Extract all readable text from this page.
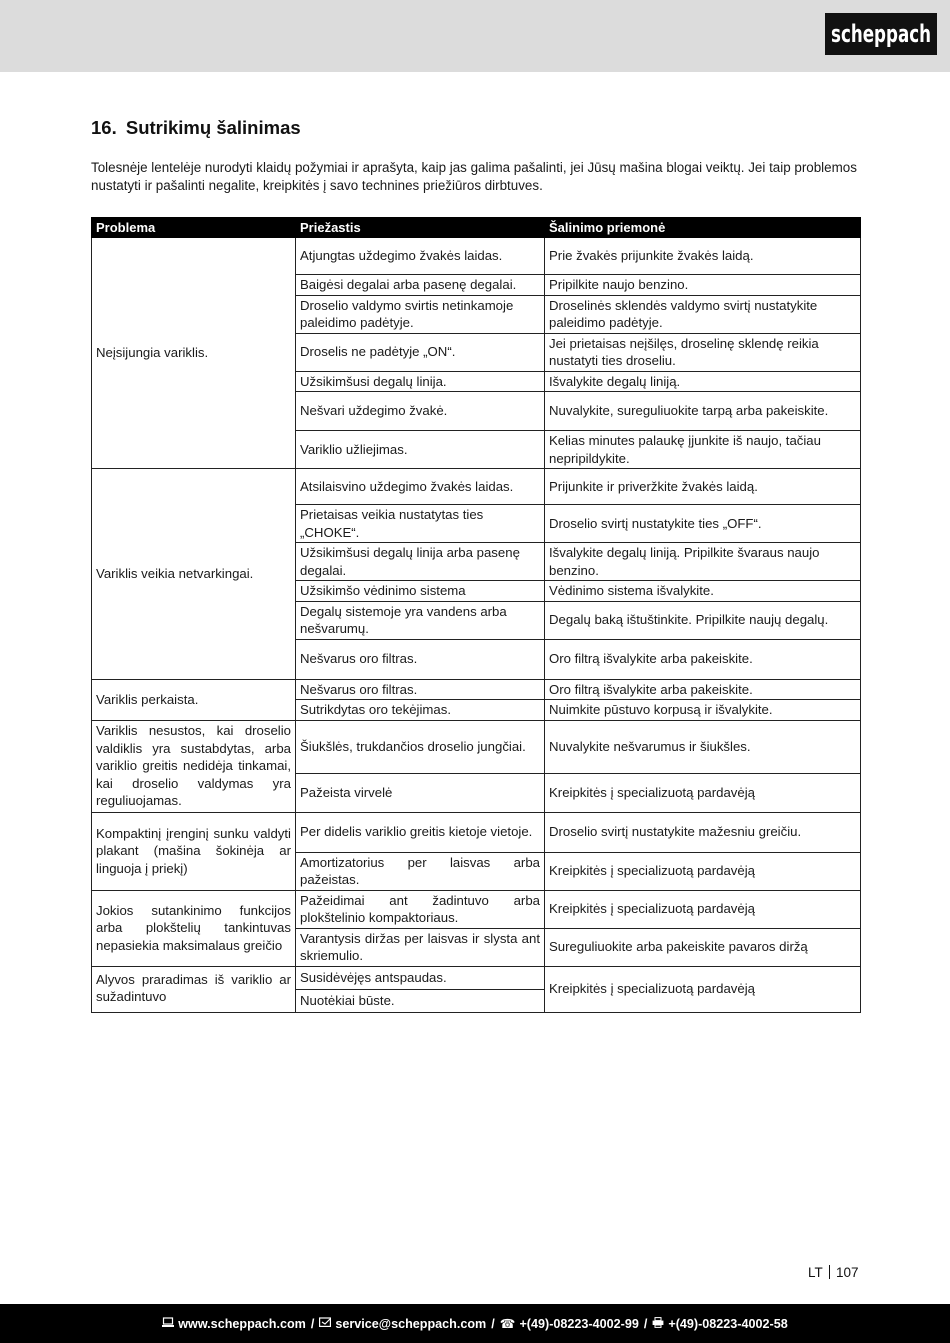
scheppach
16. Sutrikimų šalinimas

Tolesnėje lentelėje nurodyti klaidų požymiai ir aprašyta, kaip jas galima pašalinti, jei Jūsų mašina blogai veiktų. Jei taip problemos nustatyti ir pašalinti negalite, kreipkitės į savo technines priežiūros dirbtuves.

Problema	Priežastis	Šalinimo priemonė
Neįsijungia variklis.	Atjungtas uždegimo žvakės laidas.	Prie žvakės prijunkite žvakės laidą.
	Baigėsi degalai arba pasenę degalai.	Pripilkite naujo benzino.
	Droselio valdymo svirtis netinkamoje paleidimo padėtyje.	Droselinės sklendės valdymo svirtį nustatykite paleidimo padėtyje.
	Droselis ne padėtyje „ON“.	Jei prietaisas neįšilęs, droselinę sklendę reikia nustatyti ties droseliu.
	Užsikimšusi degalų linija.	Išvalykite degalų liniją.
	Nešvari uždegimo žvakė.	Nuvalykite, sureguliuokite tarpą arba pakeiskite.
	Variklio užliejimas.	Kelias minutes palaukę įjunkite iš naujo, tačiau nepripildykite.
Variklis veikia netvarkingai.	Atsilaisvino uždegimo žvakės laidas.	Prijunkite ir priveržkite žvakės laidą.
	Prietaisas veikia nustatytas ties „CHOKE“.	Droselio svirtį nustatykite ties „OFF“.
	Užsikimšusi degalų linija arba pasenę degalai.	Išvalykite degalų liniją. Pripilkite švaraus naujo benzino.
	Užsikimšo vėdinimo sistema	Vėdinimo sistema išvalykite.
	Degalų sistemoje yra vandens arba nešvarumų.	Degalų baką ištuštinkite. Pripilkite naujų degalų.
	Nešvarus oro filtras.	Oro filtrą išvalykite arba pakeiskite.
Variklis perkaista.	Nešvarus oro filtras.	Oro filtrą išvalykite arba pakeiskite.
	Sutrikdytas oro tekėjimas.	Nuimkite pūstuvo korpusą ir išvalykite.
Variklis nesustos, kai droselio valdiklis yra sustabdytas, arba variklio greitis nedidėja tinkamai, kai droselio valdymas yra reguliuojamas.	Šiukšlės, trukdančios droselio jungčiai.	Nuvalykite nešvarumus ir šiukšles.
	Pažeista virvelė	Kreipkitės į specializuotą pardavėją
Kompaktinį įrenginį sunku valdyti plakant (mašina šokinėja ar linguoja į priekį)	Per didelis variklio greitis kietoje vietoje.	Droselio svirtį nustatykite mažesniu greičiu.
	Amortizatorius per laisvas arba pažeistas.	Kreipkitės į specializuotą pardavėją
Jokios sutankinimo funkcijos arba plokštelių tankintuvas nepasiekia maksimalaus greičio	Pažeidimai ant žadintuvo arba plokštelinio kompaktoriaus.	Kreipkitės į specializuotą pardavėją
	Varantysis diržas per laisvas ir slysta ant skriemulio.	Sureguliuokite arba pakeiskite pavaros diržą
Alyvos praradimas iš variklio ar sužadintuvo	Susidėvėjęs antspaudas.	Kreipkitės į specializuotą pardavėją
	Nuotėkiai būste.	
LT 107
www.scheppach.com / service@scheppach.com / ☎ +(49)-08223-4002-99 / +(49)-08223-4002-58
